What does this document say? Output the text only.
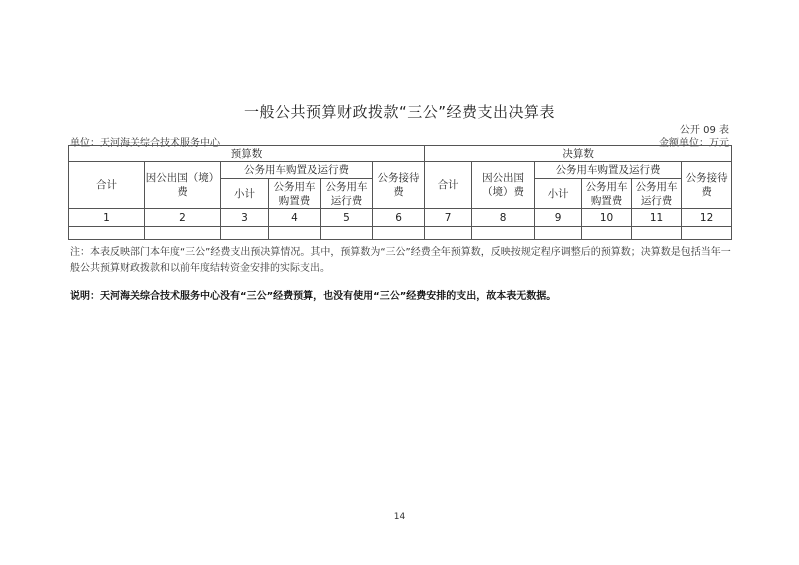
一般公共预算财政拨款“三公”经费支出决算表
公开 09 表
单位：天河海关综合技术服务中心	金额单位：万元
预算数						决算数					
合计	因公出国（境）费	公务用车购置及运行费			公务接待费	合计	因公出国（境）费	公务用车购置及运行费			公务接待费
		小计	公务用车购置费	公务用车运行费				小计	公务用车购置费	公务用车运行费	
1	2	3	4	5	6	7	8	9	10	11	12

注：本表反映部门本年度“三公”经费支出预决算情况。其中，预算数为“三公”经费全年预算数，反映按规定程序调整后的预算数；决算数是包括当年一般公共预算财政拨款和以前年度结转资金安排的实际支出。
说明：天河海关综合技术服务中心没有“三公”经费预算，也没有使用“三公”经费安排的支出，故本表无数据。
14
